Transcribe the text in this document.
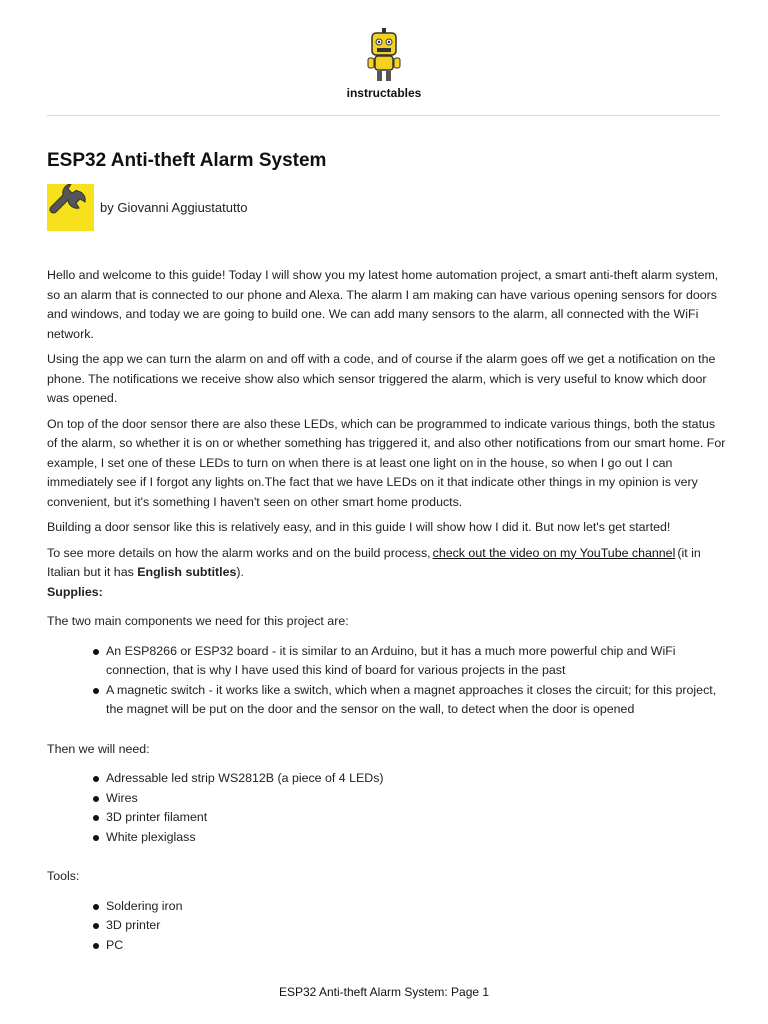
instructables
ESP32 Anti-theft Alarm System
by Giovanni Aggiustatutto

Hello and welcome to this guide! Today I will show you my latest home automation project, a smart anti-theft alarm system, so an alarm that is connected to our phone and Alexa. The alarm I am making can have various opening sensors for doors and windows, and today we are going to build one. We can add many sensors to the alarm, all connected with the WiFi network.

Using the app we can turn the alarm on and off with a code, and of course if the alarm goes off we get a notification on the phone. The notifications we receive show also which sensor triggered the alarm, which is very useful to know which door was opened.

On top of the door sensor there are also these LEDs, which can be programmed to indicate various things, both the status of the alarm, so whether it is on or whether something has triggered it, and also other notifications from our smart home. For example, I set one of these LEDs to turn on when there is at least one light on in the house, so when I go out I can immediately see if I forgot any lights on.The fact that we have LEDs on it that indicate other things in my opinion is very convenient, but it's something I haven't seen on other smart home products.

Building a door sensor like this is relatively easy, and in this guide I will show how I did it. But now let's get started!

To see more details on how the alarm works and on the build process, check out the video on my YouTube channel (it in Italian but it has English subtitles).

Supplies:

The two main components we need for this project are:

An ESP8266 or ESP32 board - it is similar to an Arduino, but it has a much more powerful chip and WiFi connection, that is why I have used this kind of board for various projects in the past
A magnetic switch - it works like a switch, which when a magnet approaches it closes the circuit; for this project, the magnet will be put on the door and the sensor on the wall, to detect when the door is opened

Then we will need:

Adressable led strip WS2812B (a piece of 4 LEDs)
Wires
3D printer filament
White plexiglass

Tools:

Soldering iron
3D printer
PC
ESP32 Anti-theft Alarm System: Page 1
